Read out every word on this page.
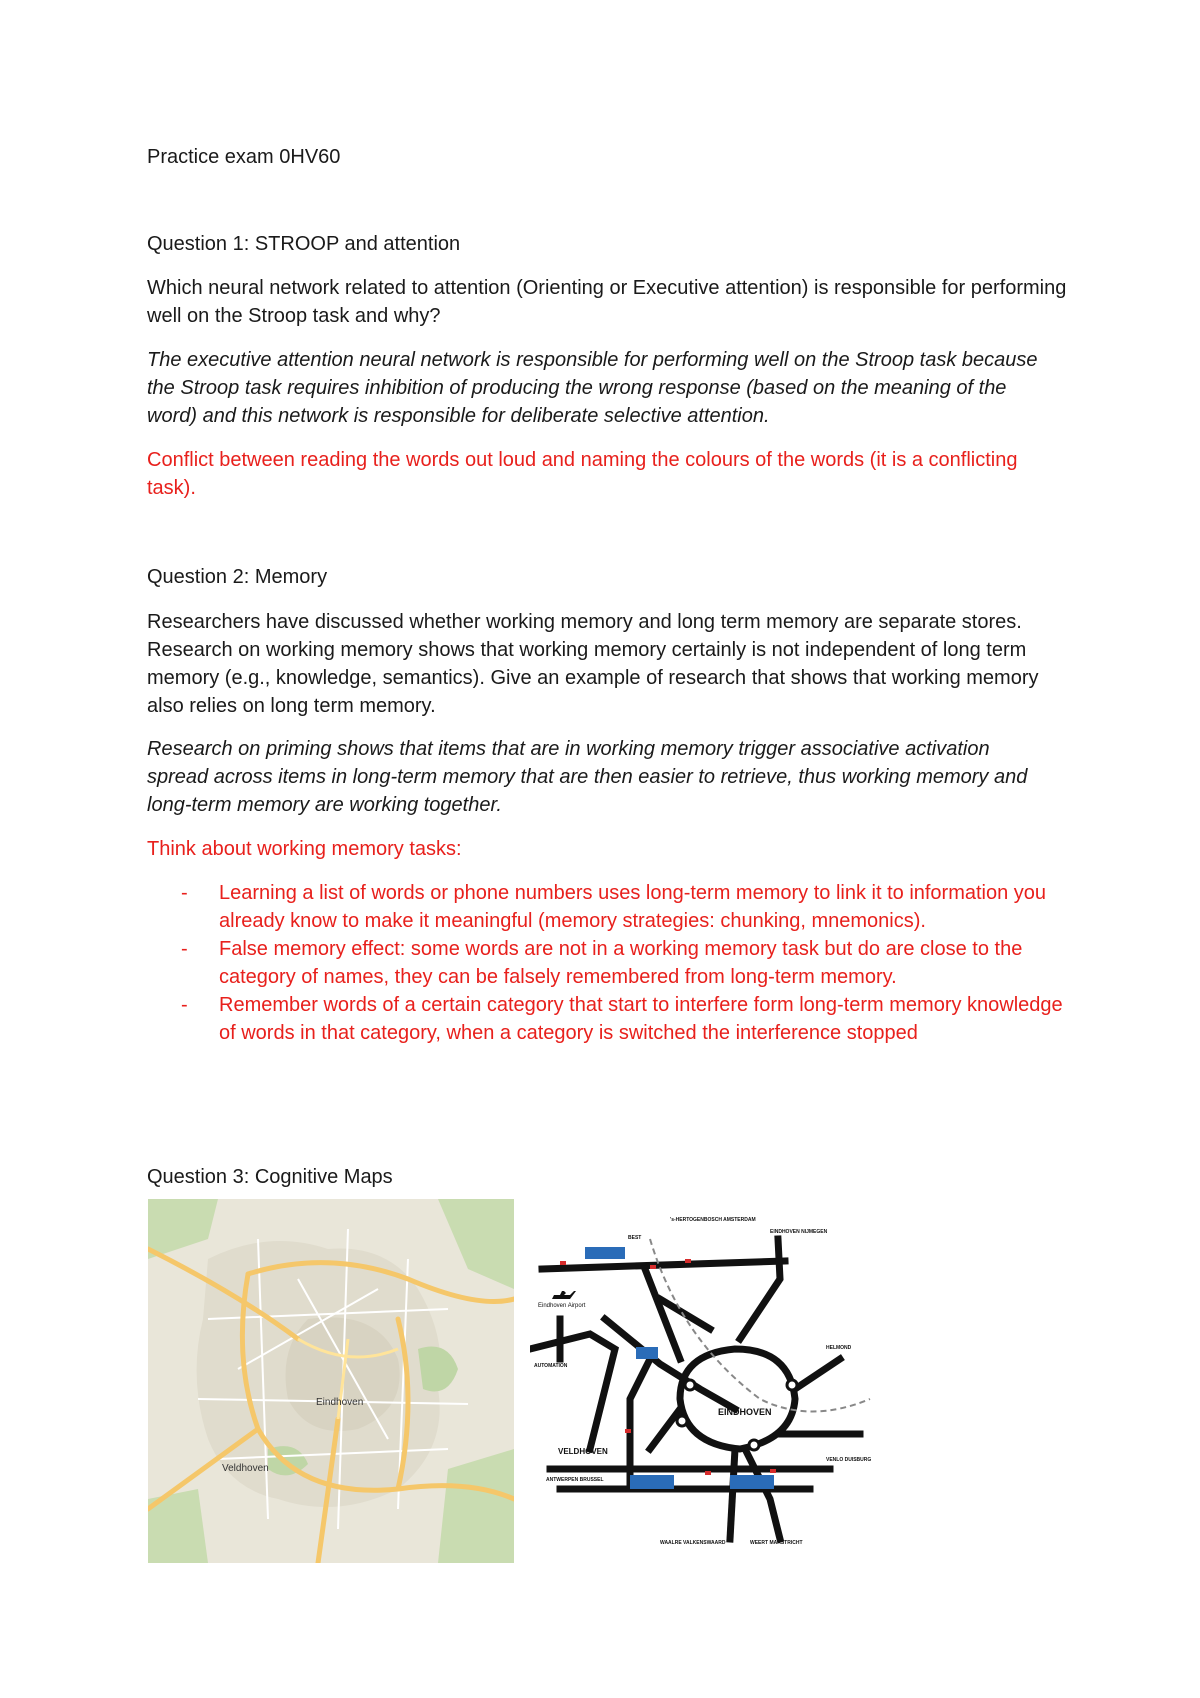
Practice exam 0HV60

Question 1: STROOP and attention

Which neural network related to attention (Orienting or Executive attention) is responsible for performing well on the Stroop task and why?

The executive attention neural network is responsible for performing well on the Stroop task because the Stroop task requires inhibition of producing the wrong response (based on the meaning of the word) and this network is responsible for deliberate selective attention.

Conflict between reading the words out loud and naming the colours of the words (it is a conflicting task).

Question 2: Memory

Researchers have discussed whether working memory and long term memory are separate stores. Research on working memory shows that working memory certainly is not independent of long term memory (e.g., knowledge, semantics). Give an example of research that shows that working memory also relies on long term memory.

Research on priming shows that items that are in working memory trigger associative activation spread across items in long-term memory that are then easier to retrieve, thus working memory and long-term memory are working together.

Think about working memory tasks:

- Learning a list of words or phone numbers uses long-term memory to link it to information you already know to make it meaningful (memory strategies: chunking, mnemonics).
- False memory effect: some words are not in a working memory task but do are close to the category of names, they can be falsely remembered from long-term memory.
- Remember words of a certain category that start to interfere form long-term memory knowledge of words in that category, when a category is switched the interference stopped

Question 3: Cognitive Maps

Eindhoven
Veldhoven
EINDHOVEN
VELDHOVEN
Eindhoven Airport
's-HERTOGENBOSCH AMSTERDAM
BEST
EINDHOVEN NIJMEGEN
HELMOND
AUTOMATION
VENLO DUISBURG
ANTWERPEN BRUSSEL
WAALRE VALKENSWAARD	WEERT MAASTRICHT
